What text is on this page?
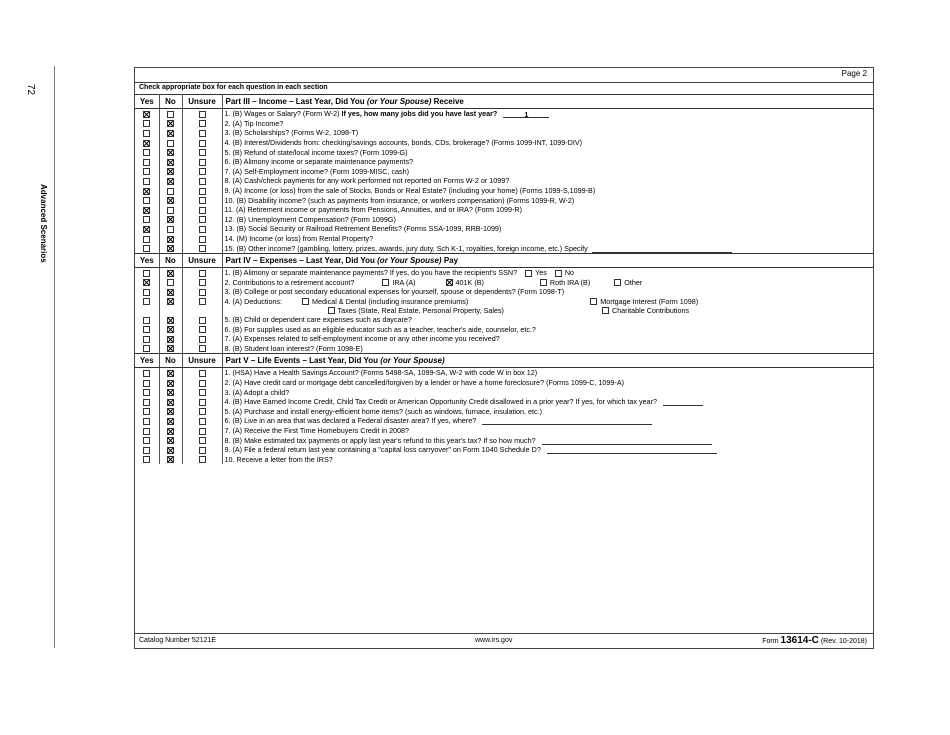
72
Advanced Scenarios
Page 2
Check appropriate box for each question in each section
Yes	No	Unsure	Part III – Income – Last Year, Did You (or Your Spouse) Receive
			1. (B) Wages or Salary? (Form W-2) If yes, how many jobs did you have last year? 1
			2. (A) Tip Income?
			3. (B) Scholarships? (Forms W-2, 1098-T)
			4. (B) Interest/Dividends from: checking/savings accounts, bonds, CDs, brokerage? (Forms 1099-INT, 1099-DIV)
			5. (B) Refund of state/local income taxes? (Form 1099-G)
			6. (B) Alimony income or separate maintenance payments?
			7. (A) Self-Employment income? (Form 1099-MISC, cash)
			8. (A) Cash/check payments for any work performed not reported on Forms W-2 or 1099?
			9. (A) Income (or loss) from the sale of Stocks, Bonds or Real Estate? (including your home) (Forms 1099-S,1099-B)
			10. (B) Disability income? (such as payments from insurance, or workers compensation) (Forms 1099-R, W-2)
			11. (A) Retirement income or payments from Pensions, Annuities, and or IRA? (Form 1099-R)
			12. (B) Unemployment Compensation? (Form 1099G)
			13. (B) Social Security or Railroad Retirement Benefits? (Forms SSA-1099, RRB-1099)
			14. (M) Income (or loss) from Rental Property?
			15. (B) Other income? (gambling, lottery, prizes, awards, jury duty, Sch K-1, royalties, foreign income, etc.) Specify
Yes	No	Unsure	Part IV – Expenses – Last Year, Did You (or Your Spouse) Pay
			1. (B) Alimony or separate maintenance payments? If yes, do you have the recipient's SSN? Yes No
			2. Contributions to a retirement account? IRA (A) 401K (B) Roth IRA (B) Other
			3. (B) College or post secondary educational expenses for yourself, spouse or dependents? (Form 1098-T)

			4. (A) Deductions: Medical & Dental (including insurance premiums) Mortgage Interest (Form 1098)
Taxes (State, Real Estate, Personal Property, Sales) Charitable Contributions

			5. (B) Child or dependent care expenses such as daycare?
			6. (B) For supplies used as an eligible educator such as a teacher, teacher's aide, counselor, etc.?
			7. (A) Expenses related to self-employment income or any other income you received?
			8. (B) Student loan interest? (Form 1098-E)
Yes	No	Unsure	Part V – Life Events – Last Year, Did You (or Your Spouse)
			1. (HSA) Have a Health Savings Account? (Forms 5498-SA, 1099-SA, W-2 with code W in box 12)
			2. (A) Have credit card or mortgage debt cancelled/forgiven by a lender or have a home foreclosure? (Forms 1099-C, 1099-A)
			3. (A) Adopt a child?
			4. (B) Have Earned Income Credit, Child Tax Credit or American Opportunity Credit disallowed in a prior year? If yes, for which tax year?
			5. (A) Purchase and install energy-efficient home items? (such as windows, furnace, insulation, etc.)
			6. (B) Live in an area that was declared a Federal disaster area? If yes, where?
			7. (A) Receive the First Time Homebuyers Credit in 2008?
			8. (B) Make estimated tax payments or apply last year's refund to this year's tax? If so how much?
			9. (A) File a federal return last year containing a "capital loss carryover" on Form 1040 Schedule D?
			10. Receive a letter from the IRS?
Catalog Number 52121E	www.irs.gov	Form 13614-C (Rev. 10-2018)
